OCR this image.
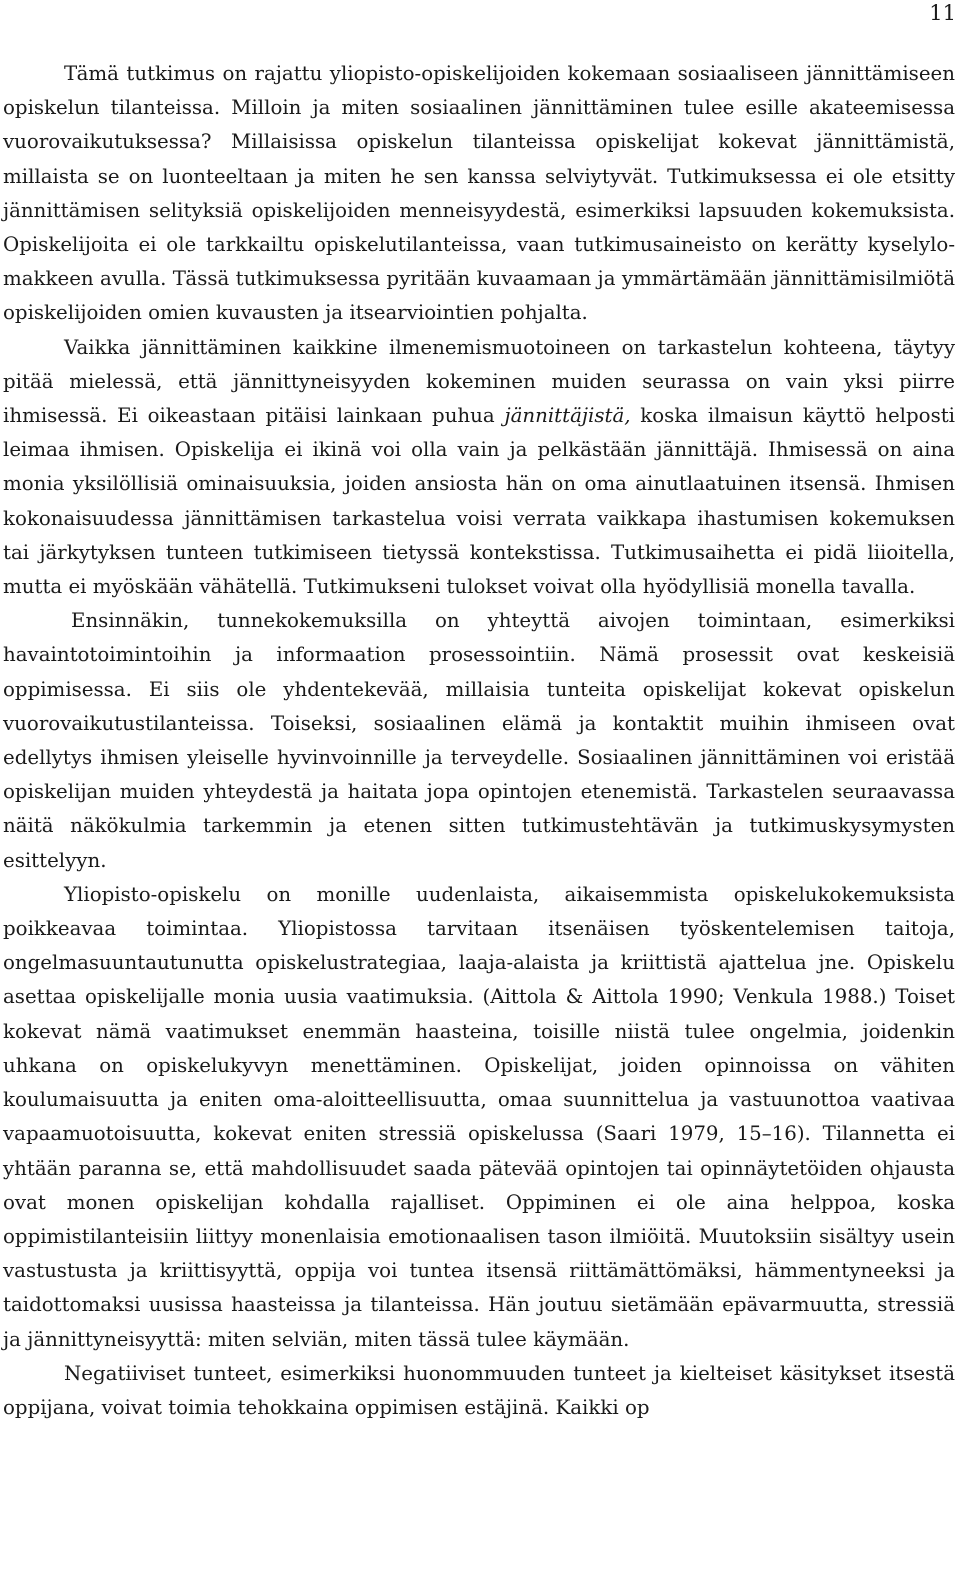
11

Tämä tutkimus on rajattu yliopisto-opiskelijoiden kokemaan sosiaaliseen jännittämiseen opiskelun tilanteissa. Milloin ja miten sosiaalinen jännittäminen tulee esille akateemisessa vuorovaikutuksessa? Millaisissa opiskelun tilanteissa opiskelijat kokevat jännittämistä, millaista se on luonteeltaan ja miten he sen kanssa selviytyvät. Tutkimuksessa ei ole etsitty jännittämisen selityksiä opiskelijoiden menneisyydestä, esimerkiksi lapsuuden kokemuksista. Opiskelijoita ei ole tarkkailtu opiskelutilanteissa, vaan tutkimusaineisto on kerätty kyselylomakkeen avulla. Tässä tutkimuksessa pyritään kuvaamaan ja ymmärtämään jännittämisilmiötä opiskelijoiden omien kuvausten ja itsearviointien pohjalta.

Vaikka jännittäminen kaikkine ilmenemismuotoineen on tarkastelun kohteena, täytyy pitää mielessä, että jännittyneisyyden kokeminen muiden seurassa on vain yksi piirre ihmisessä. Ei oikeastaan pitäisi lainkaan puhua jännittäjistä, koska ilmaisun käyttö helposti leimaa ihmisen. Opiskelija ei ikinä voi olla vain ja pelkästään jännittäjä. Ihmisessä on aina monia yksilöllisiä ominaisuuksia, joiden ansiosta hän on oma ainutlaatuinen itsensä. Ihmisen kokonaisuudessa jännittämisen tarkastelua voisi verrata vaikkapa ihastumisen kokemuksen tai järkytyksen tunteen tutkimiseen tietyssä kontekstissa. Tutkimusaihetta ei pidä liioitella, mutta ei myöskään vähätellä. Tutkimukseni tulokset voivat olla hyödyllisiä monella tavalla.

Ensinnäkin, tunnekokemuksilla on yhteyttä aivojen toimintaan, esimerkiksi havaintotoimintoihin ja informaation prosessointiin. Nämä prosessit ovat keskeisiä oppimisessa. Ei siis ole yhdentekevää, millaisia tunteita opiskelijat kokevat opiskelun vuorovaikutustilanteissa. Toiseksi, sosiaalinen elämä ja kontaktit muihin ihmiseen ovat edellytys ihmisen yleiselle hyvinvoinnille ja terveydelle. Sosiaalinen jännittäminen voi eristää opiskelijan muiden yhteydestä ja haitata jopa opintojen etenemistä. Tarkastelen seuraavassa näitä näkökulmia tarkemmin ja etenen sitten tutkimustehtävän ja tutkimuskysymysten esittelyyn.

Yliopisto-opiskelu on monille uudenlaista, aikaisemmista opiskelukokemuksista poikkeavaa toimintaa. Yliopistossa tarvitaan itsenäisen työskentelemisen taitoja, ongelmasuuntautunutta opiskelustrategiaa, laaja-alaista ja kriittistä ajattelua jne. Opiskelu asettaa opiskelijalle monia uusia vaatimuksia. (Aittola & Aittola 1990; Venkula 1988.) Toiset kokevat nämä vaatimukset enemmän haasteina, toisille niistä tulee ongelmia, joidenkin uhkana on opiskelukyvyn menettäminen. Opiskelijat, joiden opinnoissa on vähiten koulumaisuutta ja eniten oma-aloitteellisuutta, omaa suunnittelua ja vastuunottoa vaativaa vapaamuotoisuutta, kokevat eniten stressiä opiskelussa (Saari 1979, 15–16). Tilannetta ei yhtään paranna se, että mahdollisuudet saada pätevää opintojen tai opinnäytetöiden ohjausta ovat monen opiskelijan kohdalla rajalliset. Oppiminen ei ole aina helppoa, koska oppimistilanteisiin liittyy monenlaisia emotionaalisen tason ilmiöitä. Muutoksiin sisältyy usein vastustusta ja kriittisyyttä, oppija voi tuntea itsensä riittämättömäksi, hämmentyneeksi ja taidottomaksi uusissa haasteissa ja tilanteissa. Hän joutuu sietämään epävarmuutta, stressiä ja jännittyneisyyttä: miten selviän, miten tässä tulee käymään.

Negatiiviset tunteet, esimerkiksi huonommuuden tunteet ja kielteiset käsitykset itsestä oppijana, voivat toimia tehokkaina oppimisen estäjinä. Kaikki op
